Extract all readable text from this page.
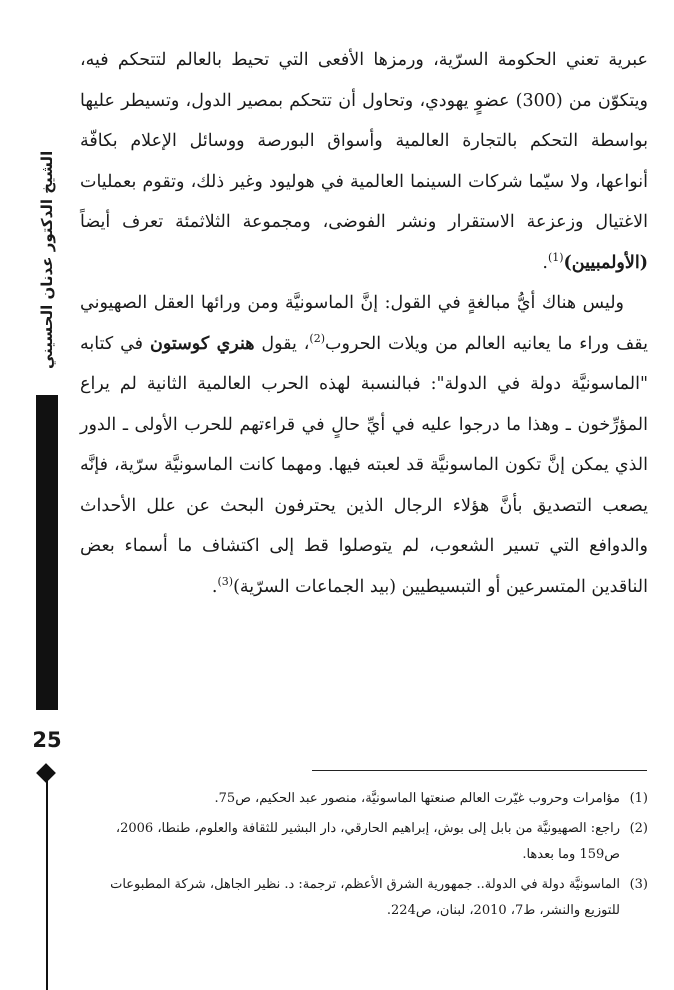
الشيخ الدكتور عدنان الحسيني
25

عبرية تعني الحكومة السرّية، ورمزها الأفعى التي تحيط بالعالم لتتحكم فيه، ويتكوّن من (300) عضوٍ يهودي، وتحاول أن تتحكم بمصير الدول، وتسيطر عليها بواسطة التحكم بالتجارة العالمية وأسواق البورصة ووسائل الإعلام بكافّة أنواعها، ولا سيّما شركات السينما العالمية في هوليود وغير ذلك، وتقوم بعمليات الاغتيال وزعزعة الاستقرار ونشر الفوضى، ومجموعة الثلاثمئة تعرف أيضاً (الأولمبيين)$^{(1)}$.

وليس هناك أيُّ مبالغةٍ في القول: إنَّ الماسونيَّة ومن ورائها العقل الصهيوني يقف وراء ما يعانيه العالم من ويلات الحروب$^{(2)}$، يقول هنري كوستون في كتابه "الماسونيَّة دولة في الدولة": فبالنسبة لهذه الحرب العالمية الثانية لم يراع المؤرِّخون ـ وهذا ما درجوا عليه في أيِّ حالٍ في قراءتهم للحرب الأولى ـ الدور الذي يمكن إنَّ تكون الماسونيَّة قد لعبته فيها. ومهما كانت الماسونيَّة سرّية، فإنَّه يصعب التصديق بأنَّ هؤلاء الرجال الذين يحترفون البحث عن علل الأحداث والدوافع التي تسير الشعوب، لم يتوصلوا قط إلى اكتشاف ما أسماء بعض الناقدين المتسرعين أو التبسيطيين (بيد الجماعات السرّية)$^{(3)}$.

(1)
مؤامرات وحروب غيّرت العالم صنعتها الماسونيَّة، منصور عبد الحكيم، ص75.

(2)
راجع: الصهيونيَّة من بابل إلى بوش، إبراهيم الحارقي، دار البشير للثقافة والعلوم، طنطا، 2006، ص159 وما بعدها.

(3)
الماسونيَّة دولة في الدولة.. جمهورية الشرق الأعظم، ترجمة: د. نظير الجاهل، شركة المطبوعات للتوزيع والنشر، ط7، 2010، لبنان، ص224.
